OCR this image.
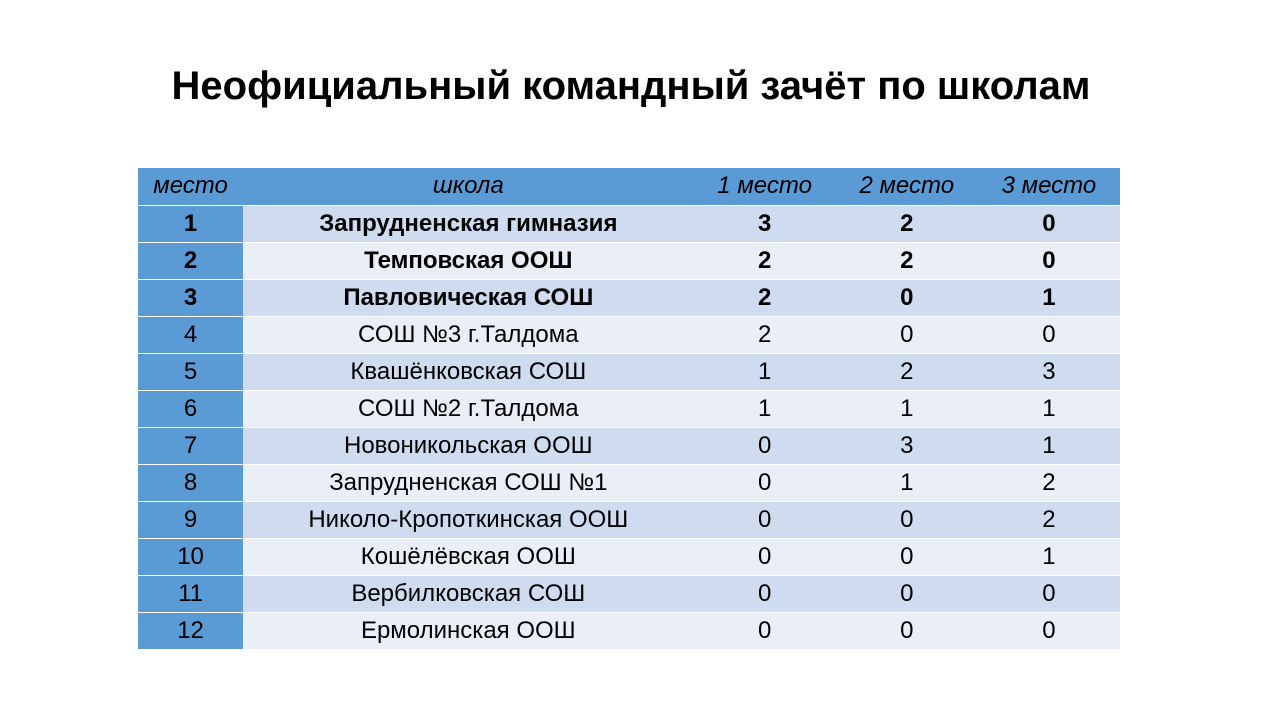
Неофициальный командный зачёт по школам
место	школа	1 место	2 место	3 место
1	Запрудненская гимназия	3	2	0
2	Темповская ООШ	2	2	0
3	Павловическая СОШ	2	0	1
4	СОШ №3 г.Талдома	2	0	0
5	Квашёнковская СОШ	1	2	3
6	СОШ №2 г.Талдома	1	1	1
7	Новоникольская ООШ	0	3	1
8	Запрудненская СОШ №1	0	1	2
9	Николо-Кропоткинская ООШ	0	0	2
10	Кошёлёвская ООШ	0	0	1
11	Вербилковская СОШ	0	0	0
12	Ермолинская ООШ	0	0	0
